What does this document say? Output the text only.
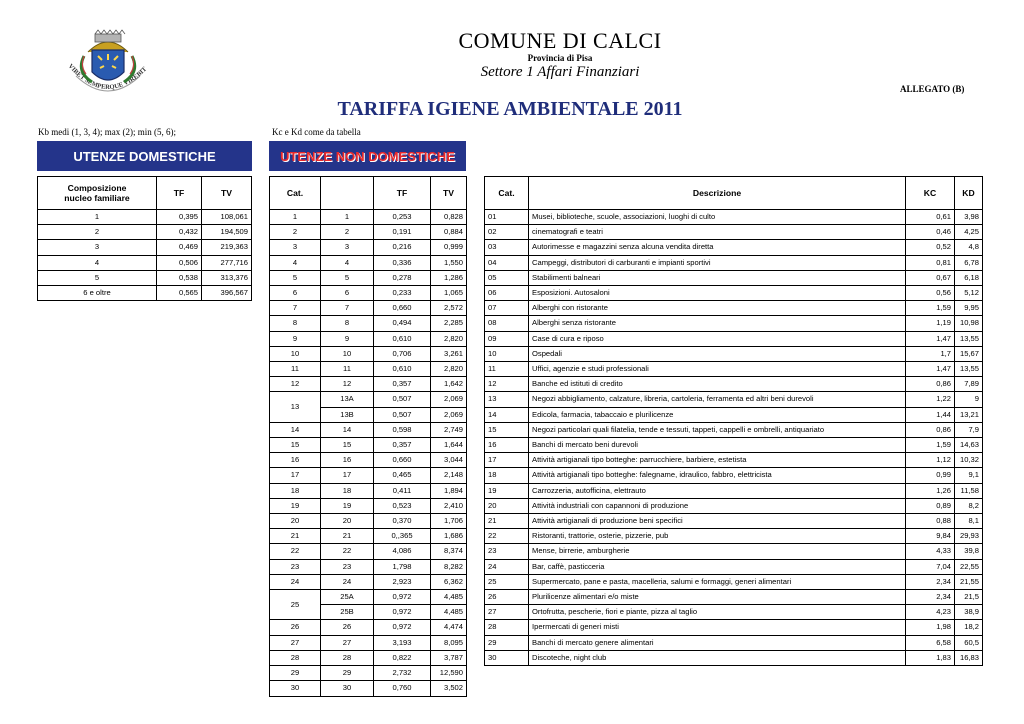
VIRET SEMPERQUE VIREBIT
COMUNE DI CALCI
Provincia di Pisa
Settore 1 Affari Finanziari
ALLEGATO (B)
TARIFFA IGIENE AMBIENTALE 2011
Kb medi (1, 3, 4); max (2); min (5, 6);	Kc e Kd come da tabella
UTENZE DOMESTICHE	UTENZE NON DOMESTICHE
Composizione
nucleo familiare	TF	TV
1	0,395	108,061
2	0,432	194,509
3	0,469	219,363
4	0,506	277,716
5	0,538	313,376
6 e oltre	0,565	396,567
Cat.		TF	TV
1	1	0,253	0,828
2	2	0,191	0,884
3	3	0,216	0,999
4	4	0,336	1,550
5	5	0,278	1,286
6	6	0,233	1,065
7	7	0,660	2,572
8	8	0,494	2,285
9	9	0,610	2,820
10	10	0,706	3,261
11	11	0,610	2,820
12	12	0,357	1,642
13	13A	0,507	2,069
	13B	0,507	2,069
14	14	0,598	2,749
15	15	0,357	1,644
16	16	0,660	3,044
17	17	0,465	2,148
18	18	0,411	1,894
19	19	0,523	2,410
20	20	0,370	1,706
21	21	0,,365	1,686
22	22	4,086	8,374
23	23	1,798	8,282
24	24	2,923	6,362
25	25A	0,972	4,485
	25B	0,972	4,485
26	26	0,972	4,474
27	27	3,193	8,095
28	28	0,822	3,787
29	29	2,732	12,590
30	30	0,760	3,502
Cat.	Descrizione	KC	KD
01	Musei, biblioteche, scuole, associazioni, luoghi di culto	0,61	3,98
02	cinematografi e teatri	0,46	4,25
03	Autorimesse e magazzini senza alcuna vendita diretta	0,52	4,8
04	Campeggi, distributori di carburanti e impianti sportivi	0,81	6,78
05	Stabilimenti balneari	0,67	6,18
06	Esposizioni. Autosaloni	0,56	5,12
07	Alberghi con ristorante	1,59	9,95
08	Alberghi senza ristorante	1,19	10,98
09	Case di cura e riposo	1,47	13,55
10	Ospedali	1,7	15,67
11	Uffici, agenzie e studi professionali	1,47	13,55
12	Banche ed istituti di credito	0,86	7,89
13	Negozi abbigliamento, calzature, libreria, cartoleria, ferramenta ed altri beni durevoli	1,22	9
14	Edicola, farmacia, tabaccaio e plurilicenze	1,44	13,21
15	Negozi particolari quali filatelia, tende e tessuti, tappeti, cappelli e ombrelli, antiquariato	0,86	7,9
16	Banchi di mercato beni durevoli	1,59	14,63
17	Attività artigianali tipo botteghe: parrucchiere, barbiere, estetista	1,12	10,32
18	Attività artigianali tipo botteghe: falegname, idraulico, fabbro, elettricista	0,99	9,1
19	Carrozzeria, autofficina, elettrauto	1,26	11,58
20	Attività industriali con capannoni di produzione	0,89	8,2
21	Attività artigianali di produzione beni specifici	0,88	8,1
22	Ristoranti, trattorie, osterie, pizzerie, pub	9,84	29,93
23	Mense, birrerie, amburgherie	4,33	39,8
24	Bar, caffè, pasticceria	7,04	22,55
25	Supermercato, pane e pasta, macelleria, salumi e formaggi, generi alimentari	2,34	21,55
26	Plurilicenze alimentari e/o miste	2,34	21,5
27	Ortofrutta, pescherie, fiori e piante, pizza al taglio	4,23	38,9
28	Ipermercati di generi misti	1,98	18,2
29	Banchi di mercato genere alimentari	6,58	60,5
30	Discoteche, night club	1,83	16,83
